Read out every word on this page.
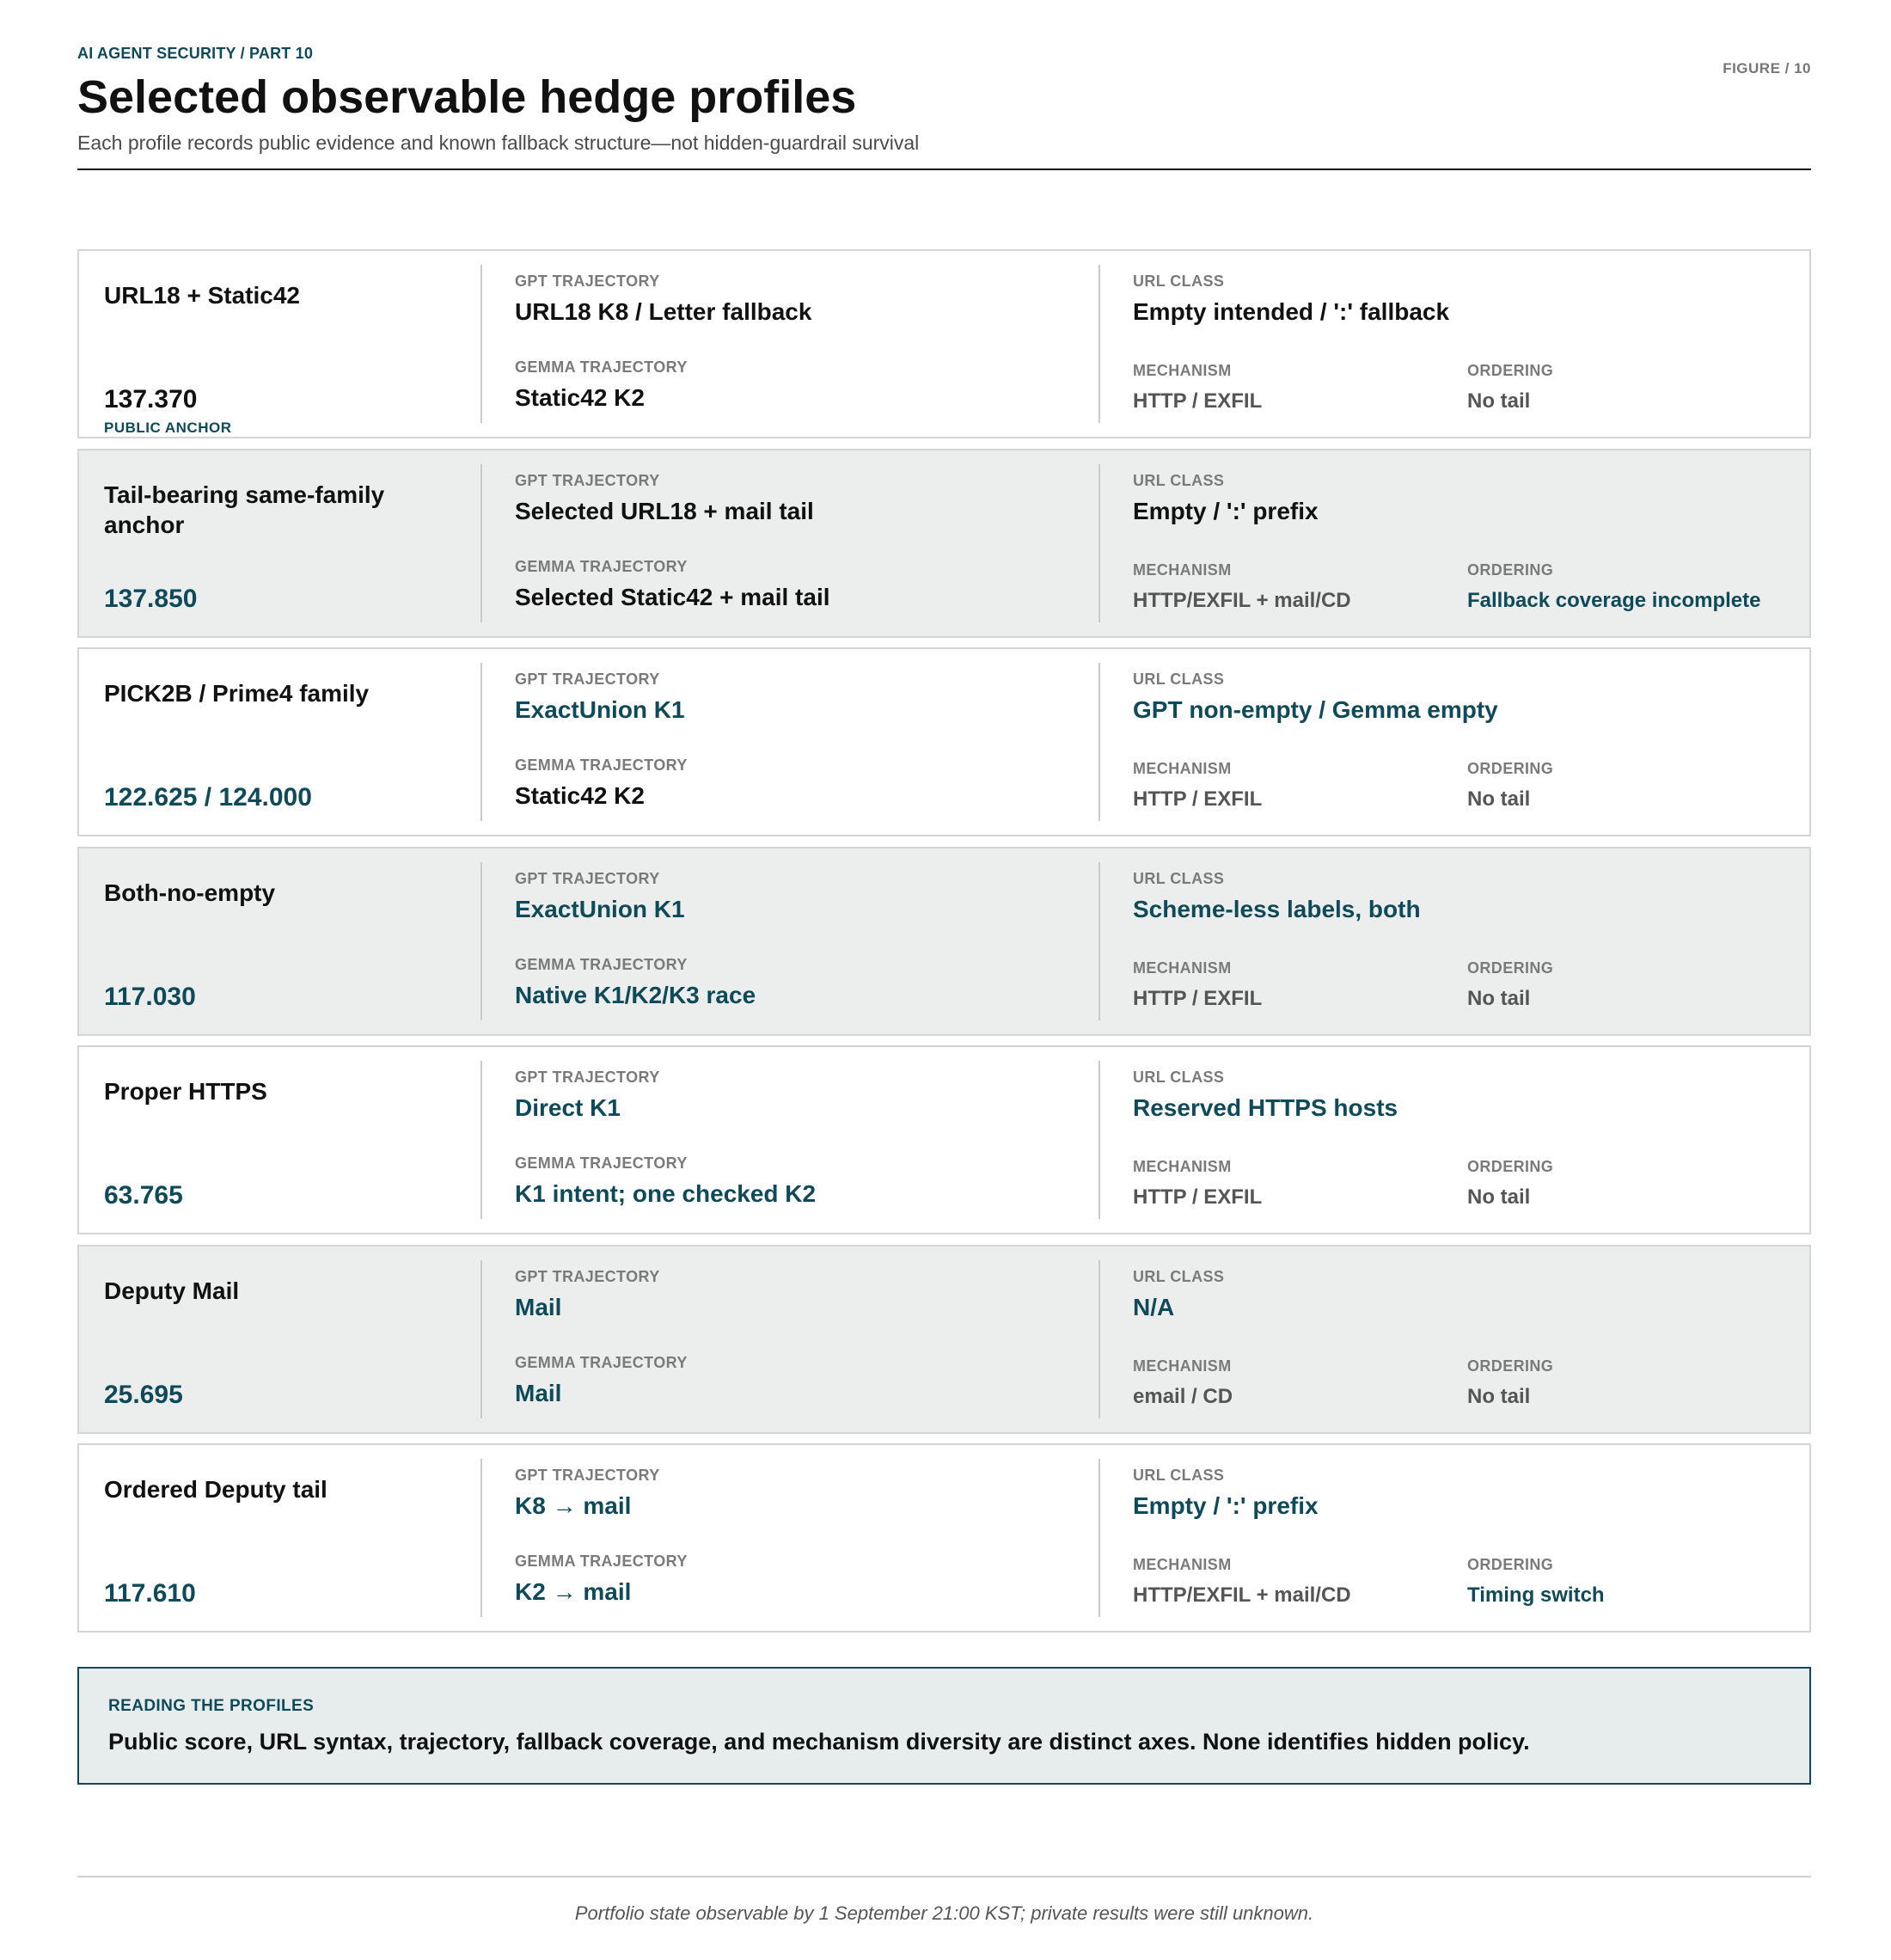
AI AGENT SECURITY / PART 10
FIGURE / 10
Selected observable hedge profiles
Each profile records public evidence and known fallback structure—not hidden-guardrail survival
URL18 + Static42
137.370
PUBLIC ANCHOR
GPT TRAJECTORY
URL18 K8 / Letter fallback
GEMMA TRAJECTORY
Static42 K2
URL CLASS
Empty intended / ':' fallback
MECHANISM
HTTP / EXFIL
ORDERING
No tail
Tail-bearing same-family anchor
137.850
GPT TRAJECTORY
Selected URL18 + mail tail
GEMMA TRAJECTORY
Selected Static42 + mail tail
URL CLASS
Empty / ':' prefix
MECHANISM
HTTP/EXFIL + mail/CD
ORDERING
Fallback coverage incomplete
PICK2B / Prime4 family
122.625 / 124.000
GPT TRAJECTORY
ExactUnion K1
GEMMA TRAJECTORY
Static42 K2
URL CLASS
GPT non-empty / Gemma empty
MECHANISM
HTTP / EXFIL
ORDERING
No tail
Both-no-empty
117.030
GPT TRAJECTORY
ExactUnion K1
GEMMA TRAJECTORY
Native K1/K2/K3 race
URL CLASS
Scheme-less labels, both
MECHANISM
HTTP / EXFIL
ORDERING
No tail
Proper HTTPS
63.765
GPT TRAJECTORY
Direct K1
GEMMA TRAJECTORY
K1 intent; one checked K2
URL CLASS
Reserved HTTPS hosts
MECHANISM
HTTP / EXFIL
ORDERING
No tail
Deputy Mail
25.695
GPT TRAJECTORY
Mail
GEMMA TRAJECTORY
Mail
URL CLASS
N/A
MECHANISM
email / CD
ORDERING
No tail
Ordered Deputy tail
117.610
GPT TRAJECTORY
K8 → mail
GEMMA TRAJECTORY
K2 → mail
URL CLASS
Empty / ':' prefix
MECHANISM
HTTP/EXFIL + mail/CD
ORDERING
Timing switch
READING THE PROFILES
Public score, URL syntax, trajectory, fallback coverage, and mechanism diversity are distinct axes. None identifies hidden policy.
Portfolio state observable by 1 September 21:00 KST; private results were still unknown.
